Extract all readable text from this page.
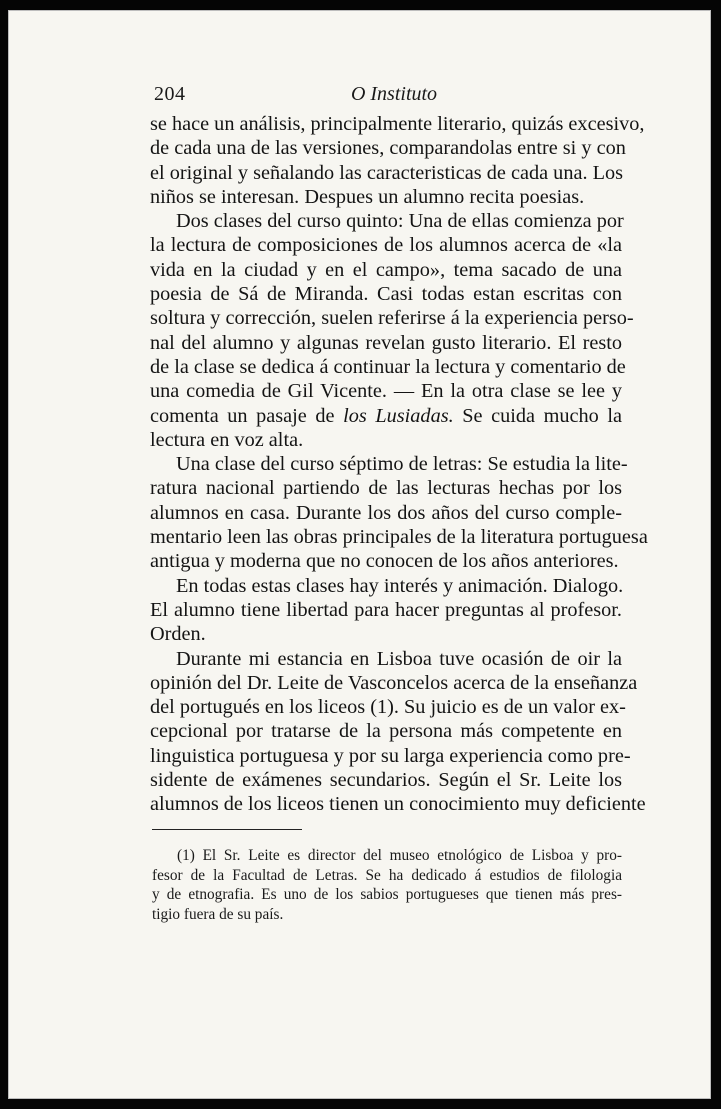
204	O Instituto
se hace un análisis, principalmente literario, quizás excesivo,
de cada una de las versiones, comparandolas entre si y con
el original y señalando las caracteristicas de cada una. Los
niños se interesan. Despues un alumno recita poesias.
Dos clases del curso quinto: Una de ellas comienza por
la lectura de composiciones de los alumnos acerca de «la
vida en la ciudad y en el campo», tema sacado de una
poesia de Sá de Miranda. Casi todas estan escritas con
soltura y corrección, suelen referirse á la experiencia perso-
nal del alumno y algunas revelan gusto literario. El resto
de la clase se dedica á continuar la lectura y comentario de
una comedia de Gil Vicente. — En la otra clase se lee y
comenta un pasaje de los Lusiadas. Se cuida mucho la
lectura en voz alta.
Una clase del curso séptimo de letras: Se estudia la lite-
ratura nacional partiendo de las lecturas hechas por los
alumnos en casa. Durante los dos años del curso comple-
mentario leen las obras principales de la literatura portuguesa
antigua y moderna que no conocen de los años anteriores.
En todas estas clases hay interés y animación. Dialogo.
El alumno tiene libertad para hacer preguntas al profesor.
Orden.
Durante mi estancia en Lisboa tuve ocasión de oir la
opinión del Dr. Leite de Vasconcelos acerca de la enseñanza
del portugués en los liceos (1). Su juicio es de un valor ex-
cepcional por tratarse de la persona más competente en
linguistica portuguesa y por su larga experiencia como pre-
sidente de exámenes secundarios. Según el Sr. Leite los
alumnos de los liceos tienen un conocimiento muy deficiente
(1) El Sr. Leite es director del museo etnológico de Lisboa y pro-
fesor de la Facultad de Letras. Se ha dedicado á estudios de filologia
y de etnografia. Es uno de los sabios portugueses que tienen más pres-
tigio fuera de su país.
